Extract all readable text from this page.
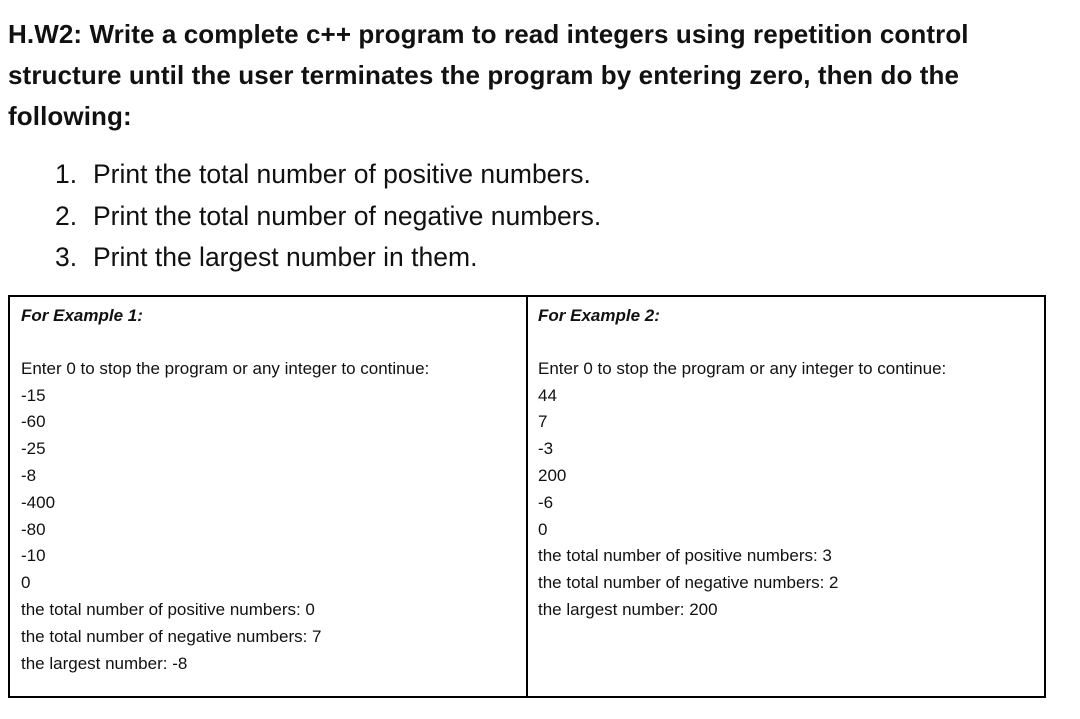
H.W2: Write a complete c++ program to read integers using repetition control structure until the user terminates the program by entering zero, then do the following:
1. Print the total number of positive numbers.
2. Print the total number of negative numbers.
3. Print the largest number in them.
For Example 1:
Enter 0 to stop the program or any integer to continue:
-15
-60
-25
-8
-400
-80
-10
0
the total number of positive numbers: 0
the total number of negative numbers: 7
the largest number: -8
For Example 2:
Enter 0 to stop the program or any integer to continue:
44
7
-3
200
-6
0
the total number of positive numbers: 3
the total number of negative numbers: 2
the largest number: 200
